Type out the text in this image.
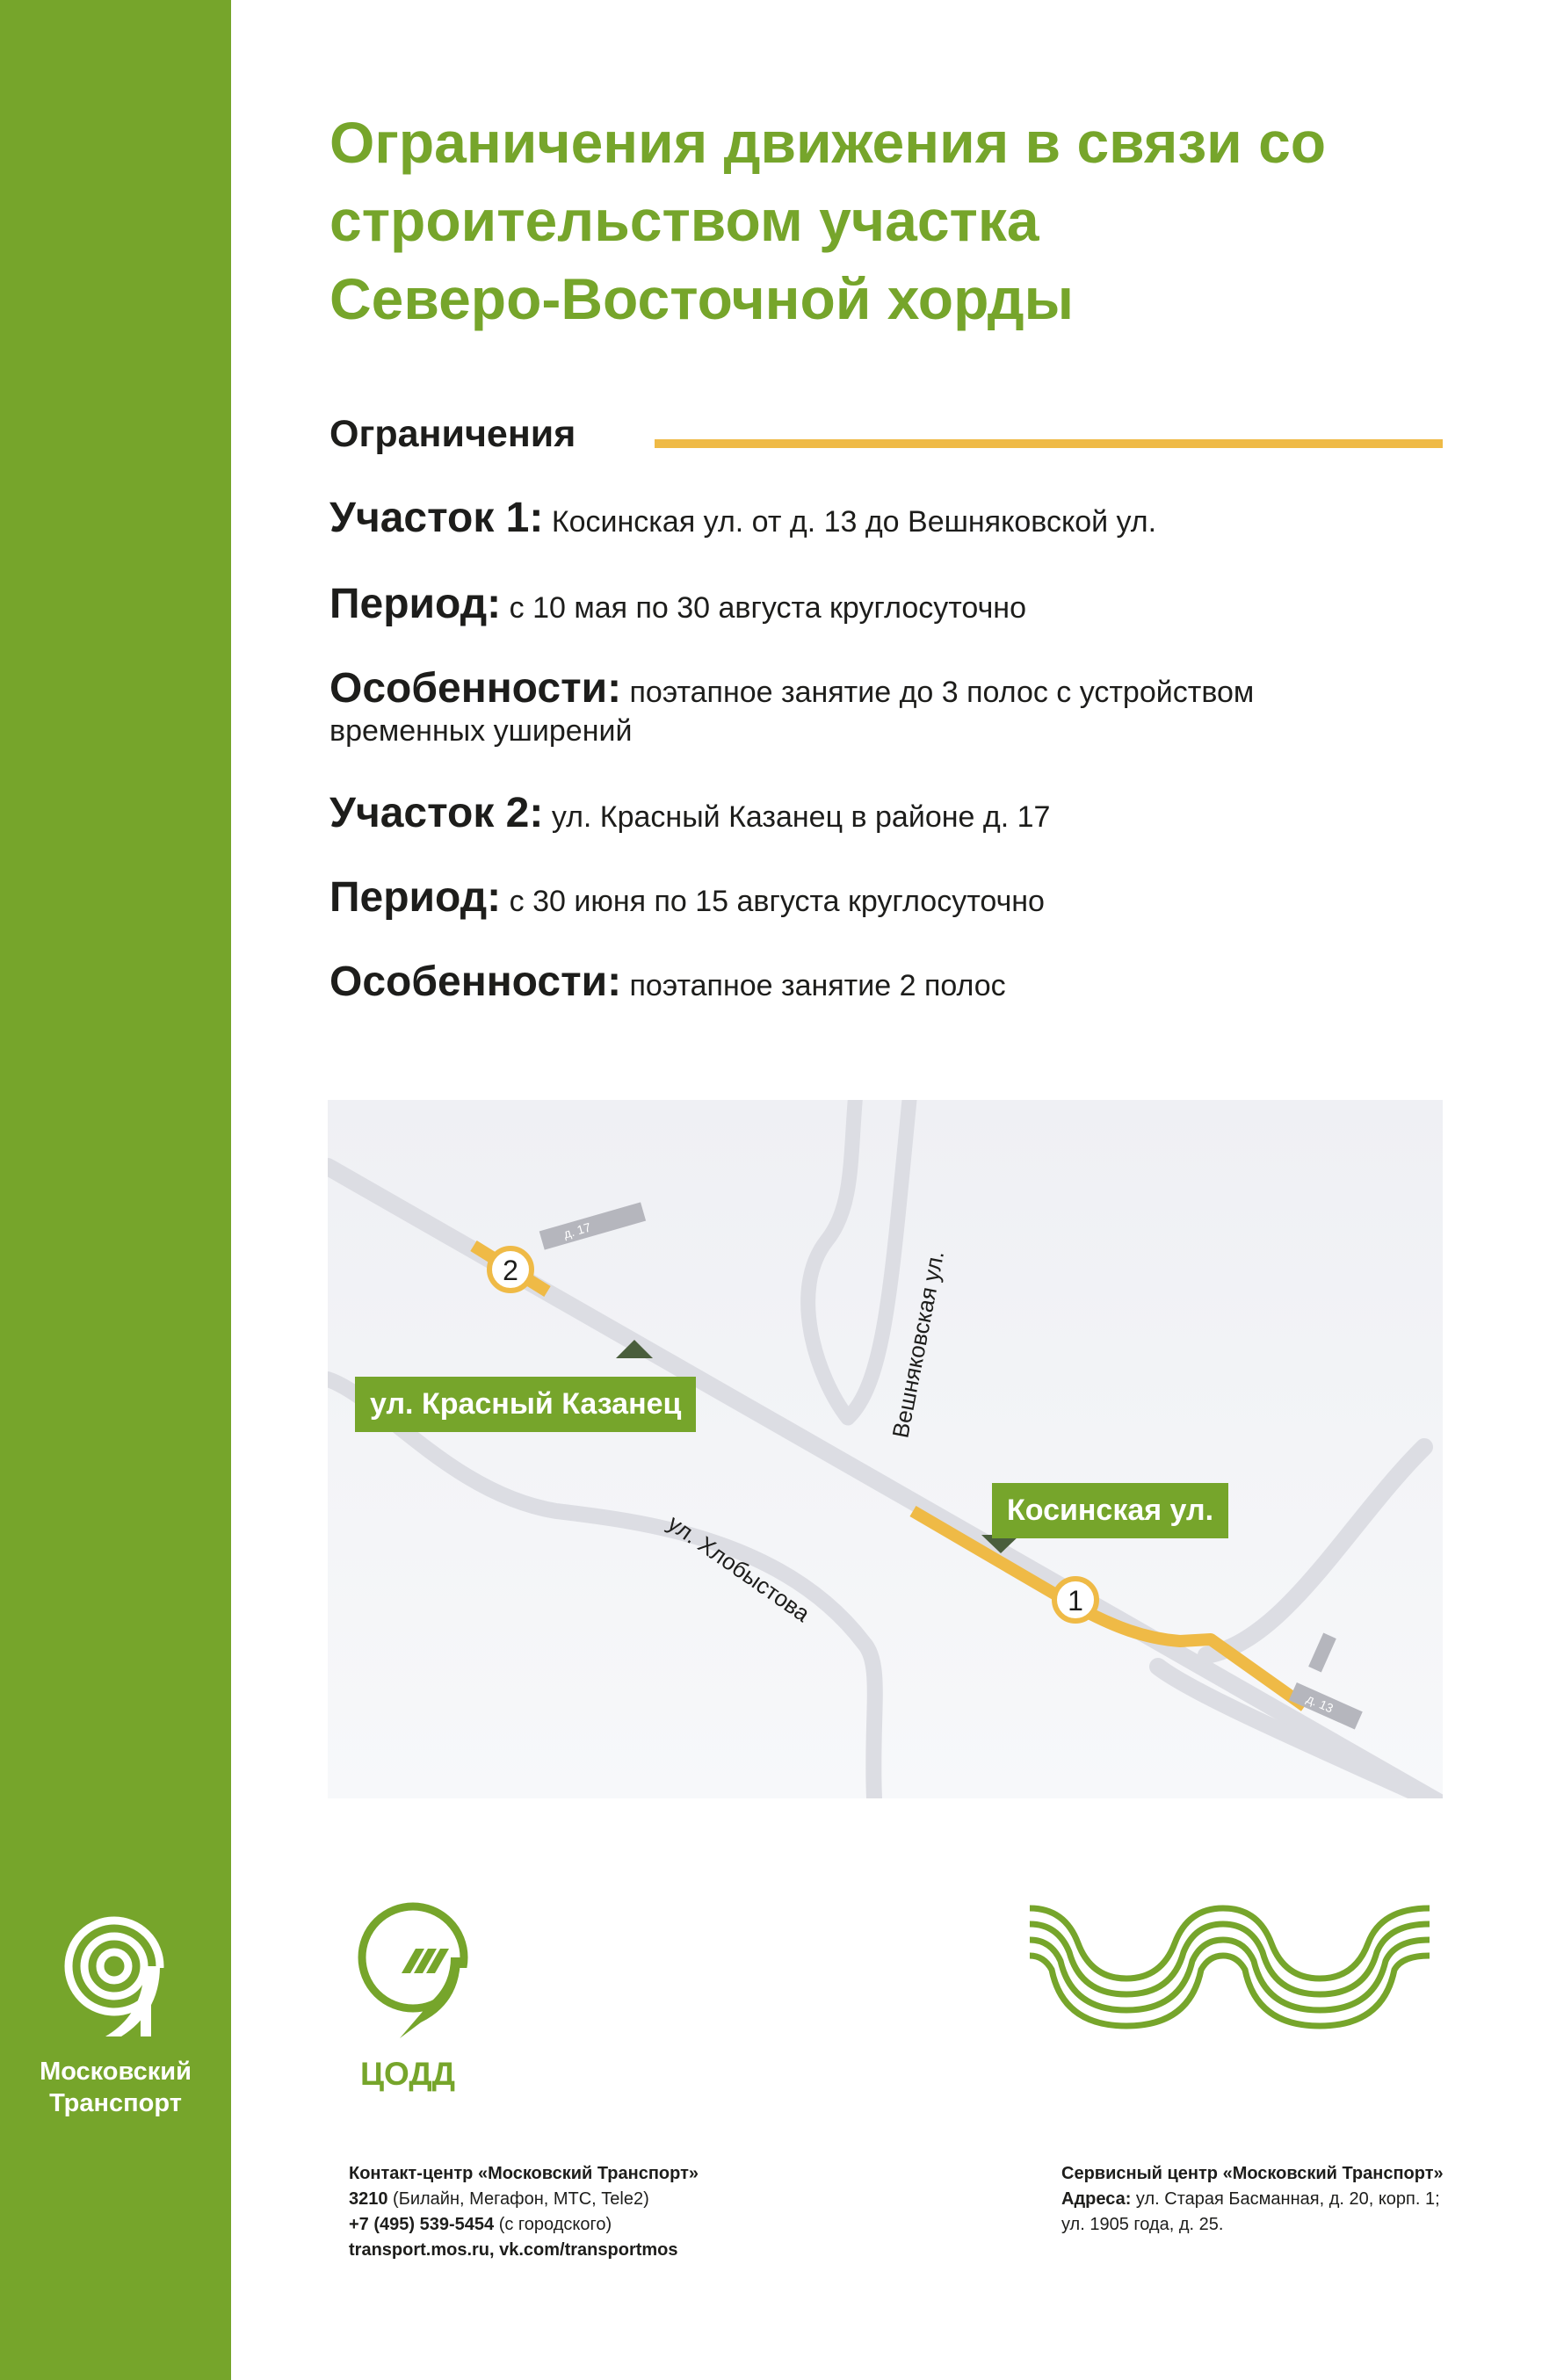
Московский
Транспорт
Ограничения движения в связи со
строительством участка
Северо-Восточной хорды
Ограничения
Участок 1: Косинская ул. от д. 13 до Вешняковской ул.
Период: с 10 мая по 30 августа круглосуточно
Особенности: поэтапное занятие до 3 полос с устройством
временных уширений
Участок 2: ул. Красный Казанец в районе д. 17
Период: с 30 июня по 15 августа круглосуточно
Особенности: поэтапное занятие 2 полос
д. 17
д. 13
Вешняковская ул.
ул. Хлобыстова
2
1
ул. Красный Казанец
Косинская ул.
ЦОДД
Контакт-центр «Московский Транспорт»
3210 (Билайн, Мегафон, МТС, Tele2)
+7 (495) 539-5454 (с городского)
transport.mos.ru, vk.com/transportmos
Сервисный центр «Московский Транспорт»
Адреса: ул. Старая Басманная, д. 20, корп. 1;
ул. 1905 года, д. 25.
